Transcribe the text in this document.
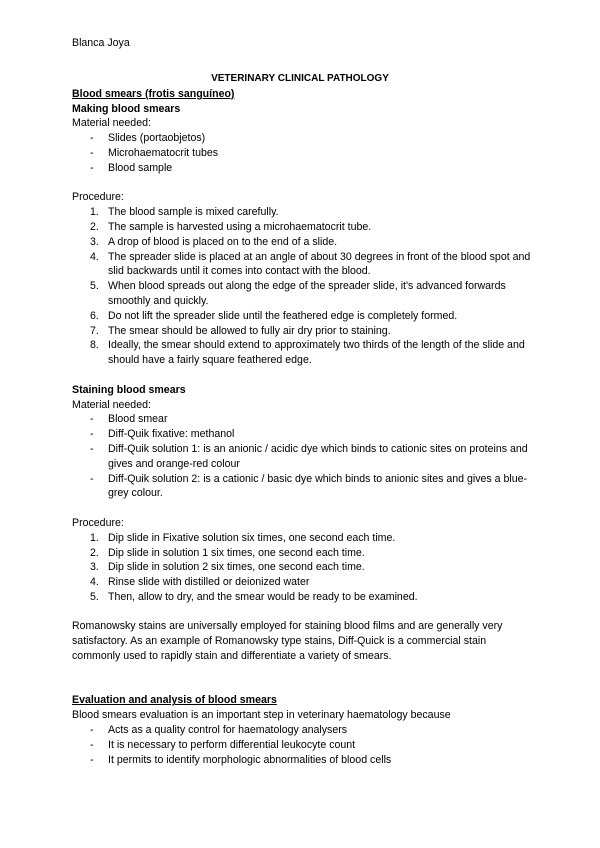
Blanca Joya

VETERINARY CLINICAL PATHOLOGY

Blood smears (frotis sanguíneo)

Making blood smears

Material needed:

- Slides (portaobjetos)
- Microhaematocrit tubes
- Blood sample

Procedure:

1. The blood sample is mixed carefully.
2. The sample is harvested using a microhaematocrit tube.
3. A drop of blood is placed on to the end of a slide.
4. The spreader slide is placed at an angle of about 30 degrees in front of the blood spot and slid backwards until it comes into contact with the blood.
5. When blood spreads out along the edge of the spreader slide, it's advanced forwards smoothly and quickly.
6. Do not lift the spreader slide until the feathered edge is completely formed.
7. The smear should be allowed to fully air dry prior to staining.
8. Ideally, the smear should extend to approximately two thirds of the length of the slide and should have a fairly square feathered edge.

Staining blood smears

Material needed:

- Blood smear
- Diff-Quik fixative: methanol
- Diff-Quik solution 1: is an anionic / acidic dye which binds to cationic sites on proteins and gives and orange-red colour
- Diff-Quik solution 2: is a cationic / basic dye which binds to anionic sites and gives a blue-grey colour.

Procedure:

1. Dip slide in Fixative solution six times, one second each time.
2. Dip slide in solution 1 six times, one second each time.
3. Dip slide in solution 2 six times, one second each time.
4. Rinse slide with distilled or deionized water
5. Then, allow to dry, and the smear would be ready to be examined.

Romanowsky stains are universally employed for staining blood films and are generally very satisfactory. As an example of Romanowsky type stains, Diff-Quick is a commercial stain commonly used to rapidly stain and differentiate a variety of smears.

Evaluation and analysis of blood smears

Blood smears evaluation is an important step in veterinary haematology because

- Acts as a quality control for haematology analysers
- It is necessary to perform differential leukocyte count
- It permits to identify morphologic abnormalities of blood cells
